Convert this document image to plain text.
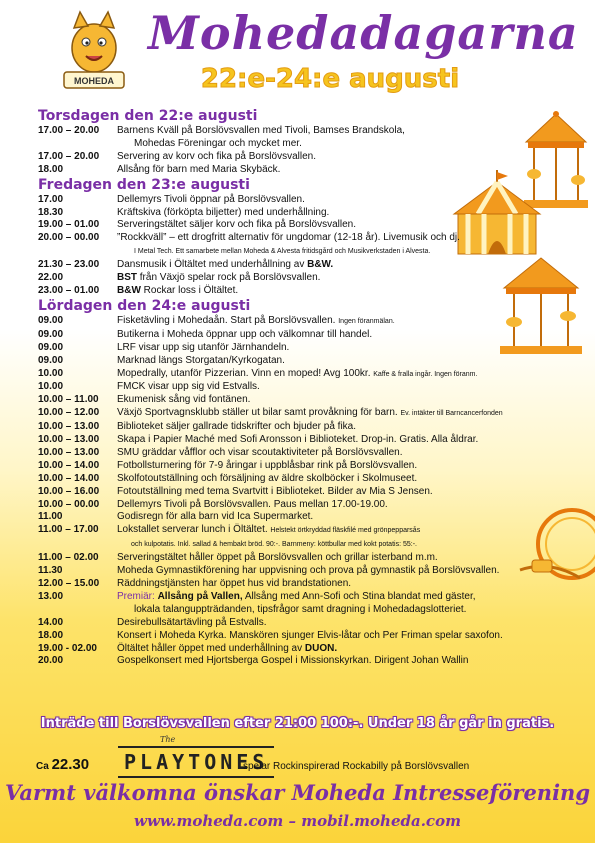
MOHEDA
Mohedadagarna
22:e-24:e augusti
Torsdagen den 22:e augusti
17.00 – 20.00	Barnens Kväll på Borslövsvallen med Tivoli, Bamses Brandskola,
Mohedas Föreningar och mycket mer.
17.00 – 20.00	Servering av korv och fika på Borslövsvallen.
18.00	Allsång för barn med Maria Skybäck.
Fredagen den 23:e augusti
17.00	Dellemyrs Tivoli öppnar på Borslövsvallen.
18.30	Kräftskiva (förköpta biljetter) med underhållning.
19.00 – 01.00	Serveringstältet säljer korv och fika på Borslövsvallen.
20.00 – 00.00	”Rockkväll” – ett drogfritt alternativ för ungdomar (12-18 år). Livemusik och dj.
I Metal Tech. Ett samarbete mellan Moheda & Alvesta fritidsgård och Musikverkstaden i Alvesta.
21.30 – 23.00	Dansmusik i Öltältet med underhållning av B&W.
22.00	BST från Växjö spelar rock på Borslövsvallen.
23.00 – 01.00	B&W Rockar loss i Öltältet.
Lördagen den 24:e augusti
09.00	Fisketävling i Mohedaån. Start på Borslövsvallen. Ingen föranmälan.
09.00	Butikerna i Moheda öppnar upp och välkomnar till handel.
09.00	LRF visar upp sig utanför Järnhandeln.
09.00	Marknad längs Storgatan/Kyrkogatan.
10.00	Mopedrally, utanför Pizzerian. Vinn en moped! Avg 100kr. Kaffe & fralla ingår. Ingen föranm.
10.00	FMCK visar upp sig vid Estvalls.
10.00 – 11.00	Ekumenisk sång vid fontänen.
10.00 – 12.00	Växjö Sportvagnsklubb ställer ut bilar samt provåkning för barn. Ev. intäkter till Barncancerfonden
10.00 – 13.00	Biblioteket säljer gallrade tidskrifter och bjuder på fika.
10.00 – 13.00	Skapa i Papier Maché med Sofi Aronsson i Biblioteket. Drop-in. Gratis. Alla åldrar.
10.00 – 13.00	SMU gräddar våfflor och visar scoutaktiviteter på Borslövsvallen.
10.00 – 14.00	Fotbollsturnering för 7-9 åringar i uppblåsbar rink på Borslövsvallen.
10.00 – 14.00	Skolfotoutställning och försäljning av äldre skolböcker i Skolmuseet.
10.00 – 16.00	Fotoutställning med tema Svartvitt i Biblioteket. Bilder av Mia S Jensen.
10.00 – 00.00	Dellemyrs Tivoli på Borslövsvallen. Paus mellan 17.00-19.00.
11.00	Godisregn för alla barn vid Ica Supermarket.
11.00 – 17.00	Lokstallet serverar lunch i Öltältet. Helstekt örtkryddad fläskfilé med grönpepparsås
och kulpotatis. Inkl. sallad & hembakt bröd. 90:-. Barnmeny: köttbullar med kokt potatis: 55:-.
11.00 – 02.00	Serveringstältet håller öppet på Borslövsvallen och grillar isterband m.m.
11.30	Moheda Gymnastikförening har uppvisning och prova på gymnastik på Borslövsvallen.
12.00 – 15.00	Räddningstjänsten har öppet hus vid brandstationen.
13.00	Premiär: Allsång på Vallen, Allsång med Ann-Sofi och Stina blandat med gäster,
lokala talanguppträdanden, tipsfrågor samt dragning i Mohedadagslotteriet.
14.00	Desirebullsätartävling på Estvalls.
18.00	Konsert i Moheda Kyrka. Manskören sjunger Elvis-låtar och Per Friman spelar saxofon.
19.00 - 02.00	Öltältet håller öppet med underhållning av DUON.
20.00	Gospelkonsert med Hjortsberga Gospel i Missionskyrkan. Dirigent Johan Wallin
Inträde till Borslövsvallen efter 21:00 100:-. Under 18 år går in gratis.
Ca 22.30
The
PLAYTONES
spelar Rockinspirerad Rockabilly på Borslövsvallen
Varmt välkomna önskar Moheda Intresseförening
www.moheda.com – mobil.moheda.com
